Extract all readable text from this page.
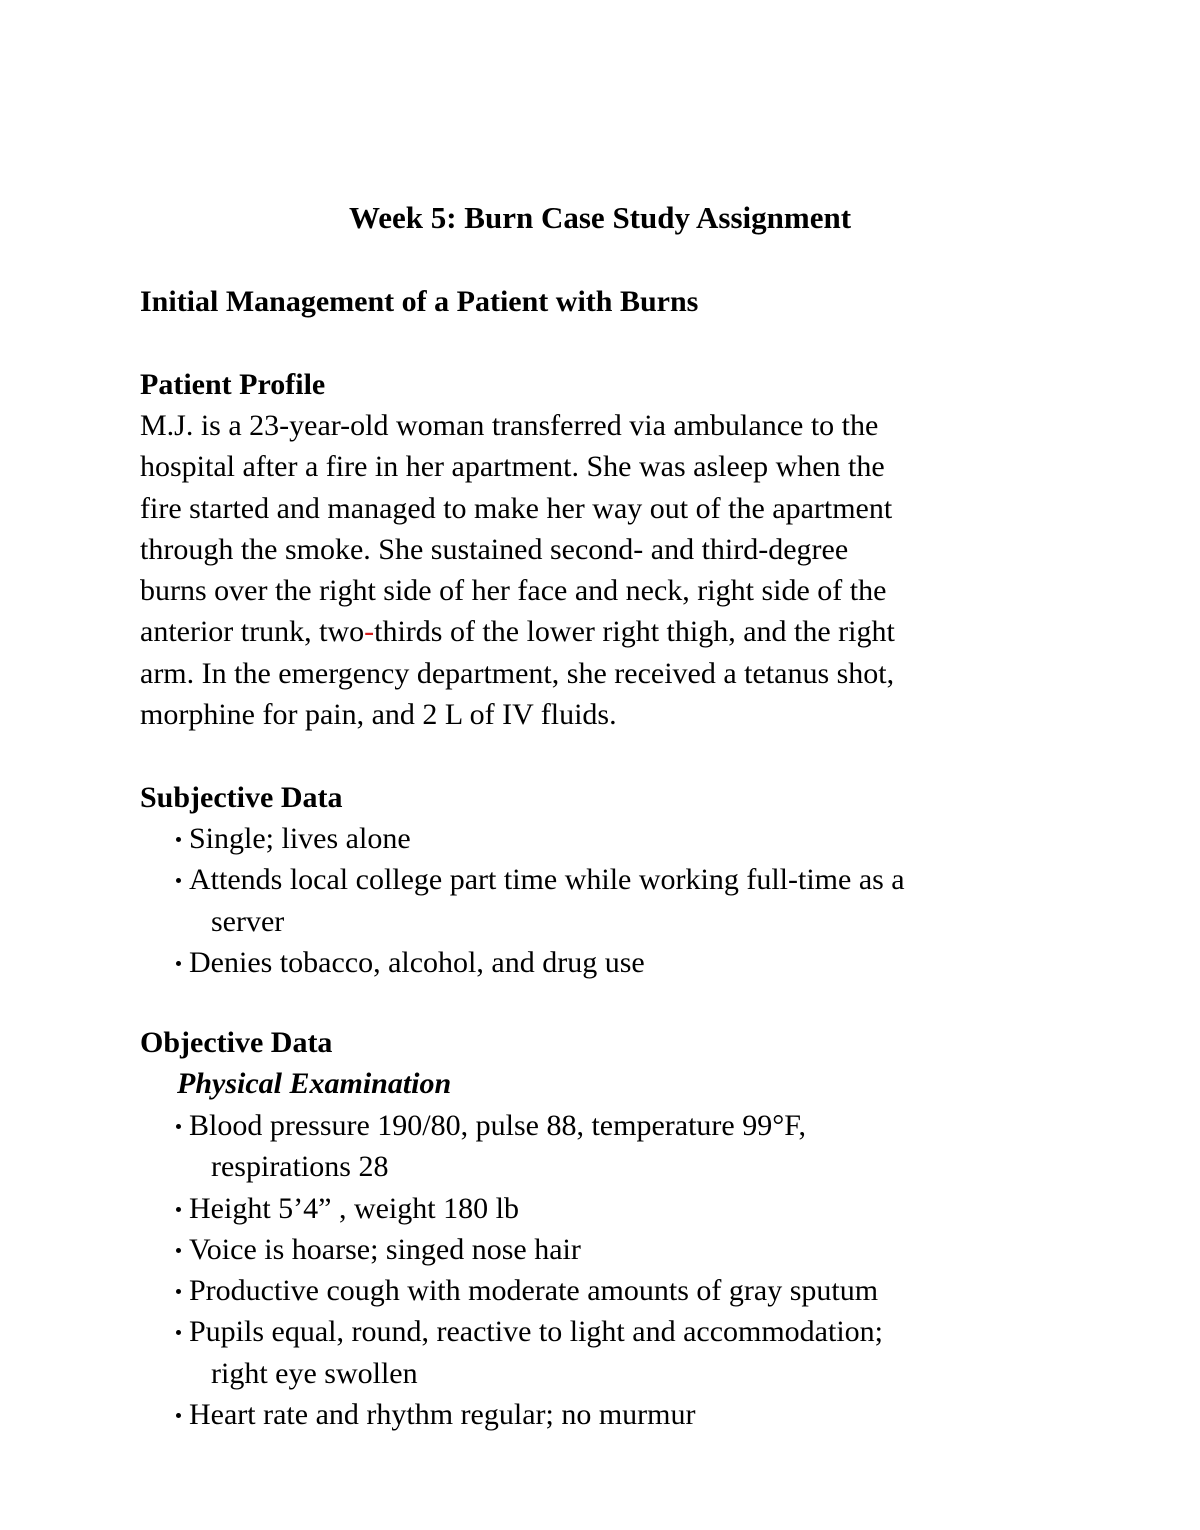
Week 5: Burn Case Study Assignment
Initial Management of a Patient with Burns
Patient Profile

M.J. is a 23-year-old woman transferred via ambulance to the
hospital after a fire in her apartment. She was asleep when the
fire started and managed to make her way out of the apartment
through the smoke. She sustained second- and third-degree
burns over the right side of her face and neck, right side of the
anterior trunk, two-thirds of the lower right thigh, and the right
arm. In the emergency department, she received a tetanus shot,
morphine for pain, and 2 L of IV fluids.

Subjective Data
Single; lives alone
Attends local college part time while working full-time as a
server
Denies tobacco, alcohol, and drug use
Objective Data
Physical Examination
Blood pressure 190/80, pulse 88, temperature 99°F,
respirations 28
Height 5’4” , weight 180 lb
Voice is hoarse; singed nose hair
Productive cough with moderate amounts of gray sputum
Pupils equal, round, reactive to light and accommodation;
right eye swollen
Heart rate and rhythm regular; no murmur
